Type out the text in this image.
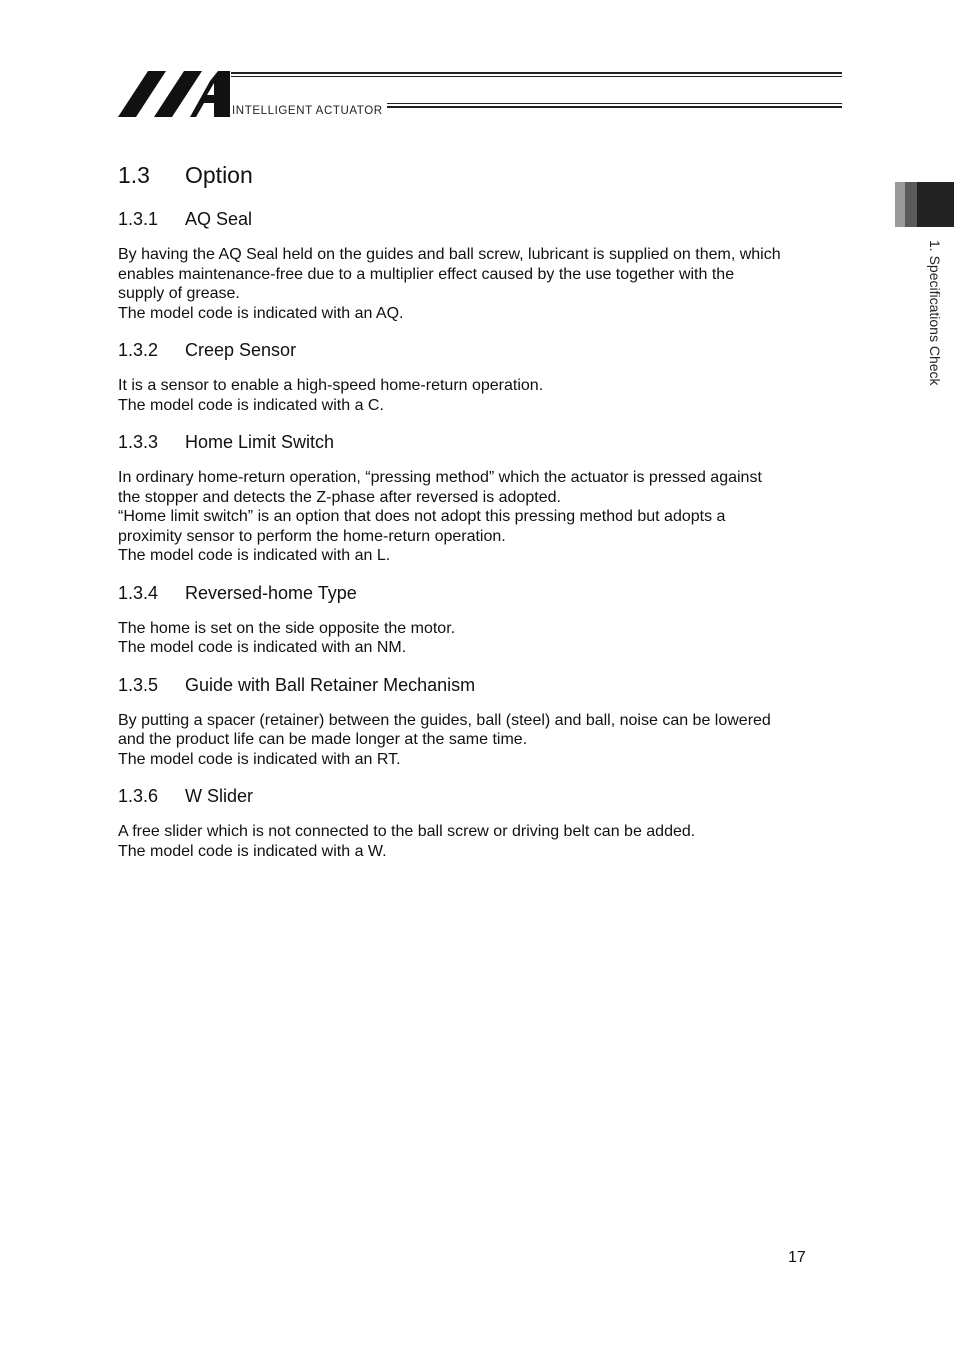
INTELLIGENT ACTUATOR
1. Specifications Check
1.3 Option
1.3.1 AQ Seal

By having the AQ Seal held on the guides and ball screw, lubricant is supplied on them, which

enables maintenance-free due to a multiplier effect caused by the use together with the

supply of grease.

The model code is indicated with an AQ.

1.3.2 Creep Sensor

It is a sensor to enable a high-speed home-return operation.

The model code is indicated with a C.

1.3.3 Home Limit Switch

In ordinary home-return operation, “pressing method” which the actuator is pressed against

the stopper and detects the Z-phase after reversed is adopted.

“Home limit switch” is an option that does not adopt this pressing method but adopts a

proximity sensor to perform the home-return operation.

The model code is indicated with an L.

1.3.4 Reversed-home Type

The home is set on the side opposite the motor.

The model code is indicated with an NM.

1.3.5 Guide with Ball Retainer Mechanism

By putting a spacer (retainer) between the guides, ball (steel) and ball, noise can be lowered

and the product life can be made longer at the same time.

The model code is indicated with an RT.

1.3.6 W Slider

A free slider which is not connected to the ball screw or driving belt can be added.

The model code is indicated with a W.

17
